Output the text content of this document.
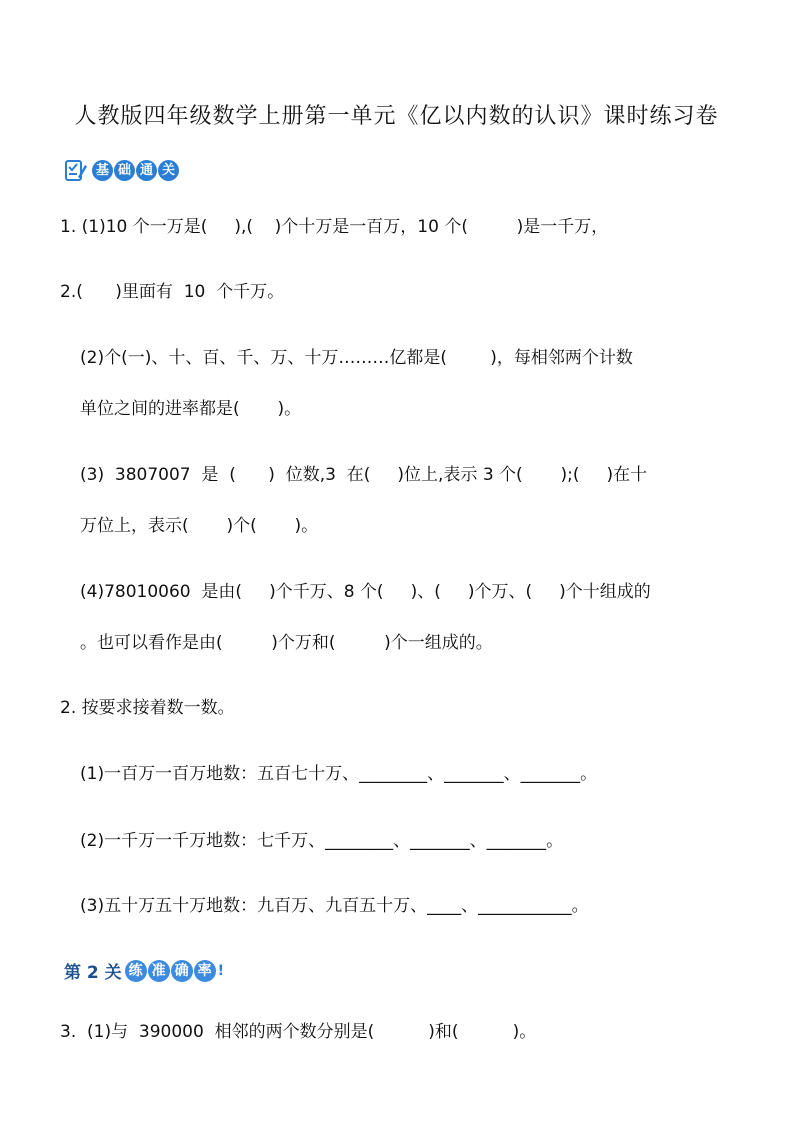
人教版四年级数学上册第一单元《亿以内数的认识》课时练习卷
基 础 通 关
1. (1)10 个一万是(     ),(    )个十万是一百万，10 个(         )是一千万，
2.(      )里面有  10  个千万。
(2)个(一)、十、百、千、万、十万………亿都是(        )，每相邻两个计数
单位之间的进率都是(       )。
(3)  3807007  是  (      )  位数,3  在(     )位上,表示 3 个(       );(     )在十
万位上，表示(       )个(       )。
(4)78010060  是由(     )个千万、8 个(     )、(     )个万、(     )个十组成的
。也可以看作是由(         )个万和(         )个一组成的。
2. 按要求接着数一数。
(1)一百万一百万地数：五百七十万、________、_______、_______。
(2)一千万一千万地数：七千万、________、_______、_______。
(3)五十万五十万地数：九百万、九百五十万、____、___________。
第 2 关 练 准 确 率 !
3.  (1)与  390000  相邻的两个数分别是(          )和(          )。
